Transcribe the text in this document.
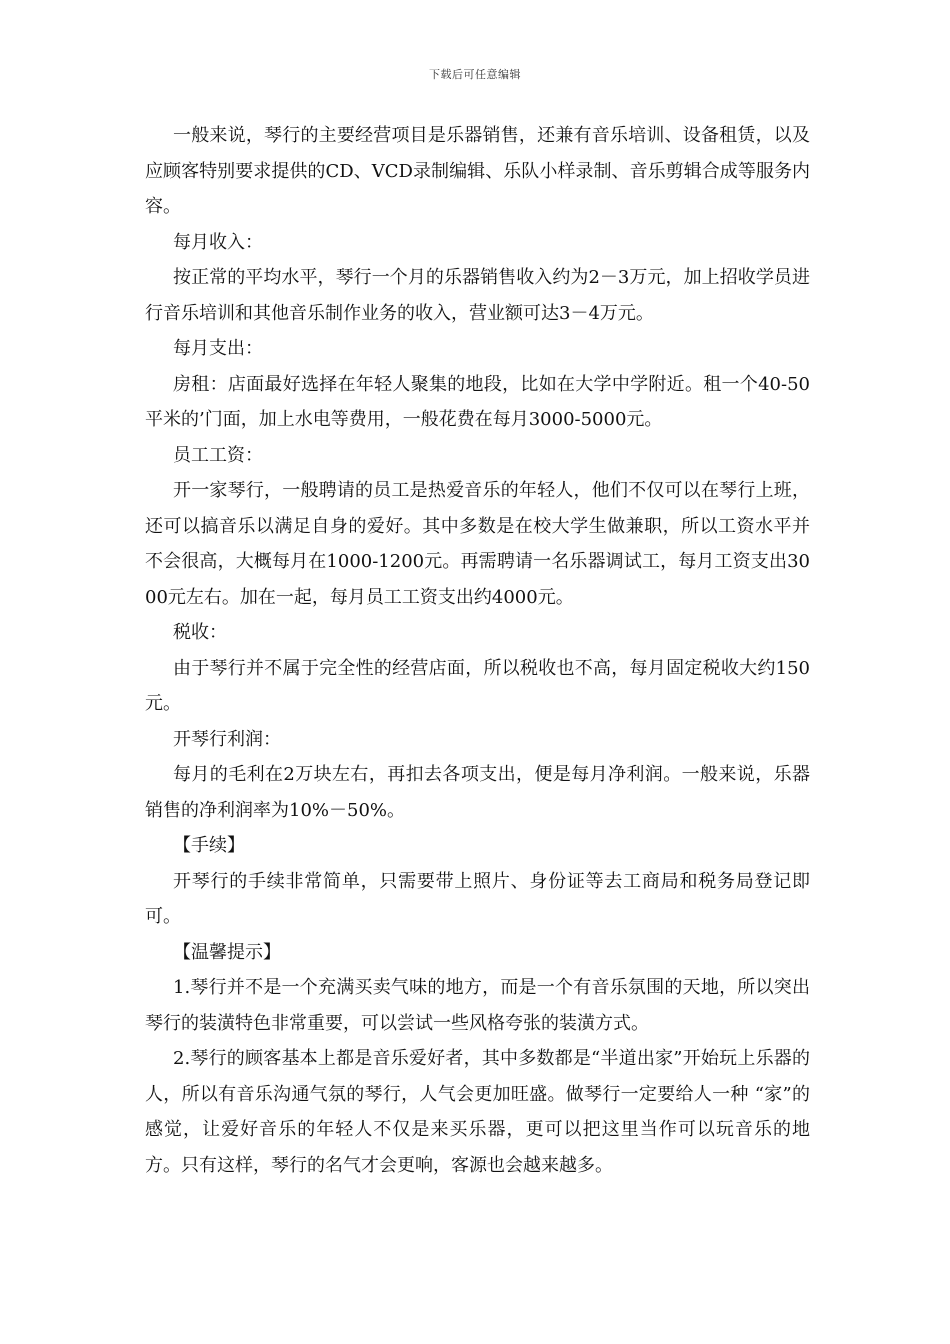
下载后可任意编辑

一般来说，琴行的主要经营项目是乐器销售，还兼有音乐培训、设备租赁，以及应顾客特别要求提供的CD、VCD录制编辑、乐队小样录制、音乐剪辑合成等服务内容。

每月收入：

按正常的平均水平，琴行一个月的乐器销售收入约为2－3万元，加上招收学员进行音乐培训和其他音乐制作业务的收入，营业额可达3－4万元。

每月支出：

房租：店面最好选择在年轻人聚集的地段，比如在大学中学附近。租一个40-50平米的’门面，加上水电等费用，一般花费在每月3000-5000元。

员工工资：

开一家琴行，一般聘请的员工是热爱音乐的年轻人，他们不仅可以在琴行上班，还可以搞音乐以满足自身的爱好。其中多数是在校大学生做兼职，所以工资水平并不会很高，大概每月在1000-1200元。再需聘请一名乐器调试工，每月工资支出3000元左右。加在一起，每月员工工资支出约4000元。

税收：

由于琴行并不属于完全性的经营店面，所以税收也不高，每月固定税收大约150元。

开琴行利润：

每月的毛利在2万块左右，再扣去各项支出，便是每月净利润。一般来说，乐器销售的净利润率为10%－50%。

【手续】

开琴行的手续非常简单，只需要带上照片、身份证等去工商局和税务局登记即可。

【温馨提示】

1.琴行并不是一个充满买卖气味的地方，而是一个有音乐氛围的天地，所以突出琴行的装潢特色非常重要，可以尝试一些风格夸张的装潢方式。

2.琴行的顾客基本上都是音乐爱好者，其中多数都是“半道出家”开始玩上乐器的人，所以有音乐沟通气氛的琴行，人气会更加旺盛。做琴行一定要给人一种 “家”的感觉，让爱好音乐的年轻人不仅是来买乐器，更可以把这里当作可以玩音乐的地方。只有这样，琴行的名气才会更响，客源也会越来越多。
